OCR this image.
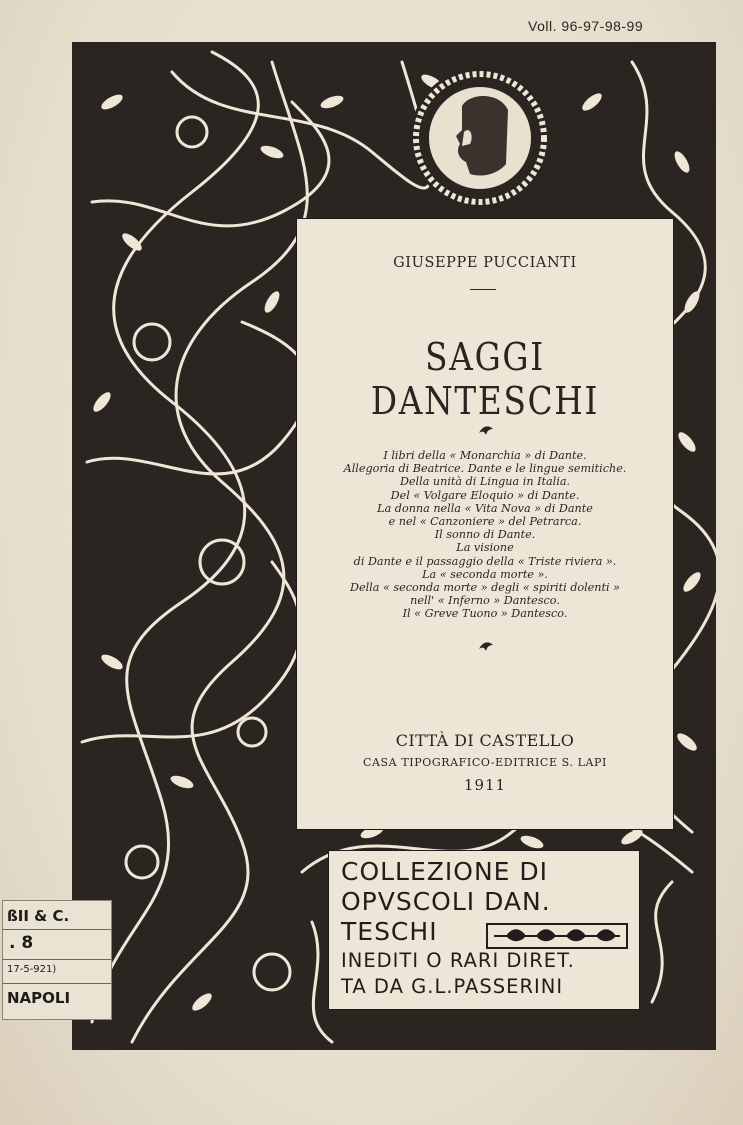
Voll. 96-97-98-99
GIUSEPPE PUCCIANTI
SAGGI DANTESCHI
I libri della « Monarchia » di Dante.
Allegoria di Beatrice. Dante e le lingue semitiche.
Della unità di Lingua in Italia.
Del « Volgare Eloquio » di Dante.
La donna nella « Vita Nova » di Dante
e nel « Canzoniere » del Petrarca.
Il sonno di Dante.
La visione
di Dante e il passaggio della « Triste riviera ».
La « seconda morte ».
Della « seconda morte » degli « spiriti dolenti »
nell' « Inferno » Dantesco.
Il « Greve Tuono » Dantesco.
CITTÀ DI CASTELLO
CASA TIPOGRAFICO-EDITRICE S. LAPI
1911
COLLEZIONE DI
OPVSCOLI DAN.
TESCHI
INEDITI O RARI DIRET.
TA DA G.L.PASSERINI
ßII & C.
. 8
17-5-921)
NAPOLI
